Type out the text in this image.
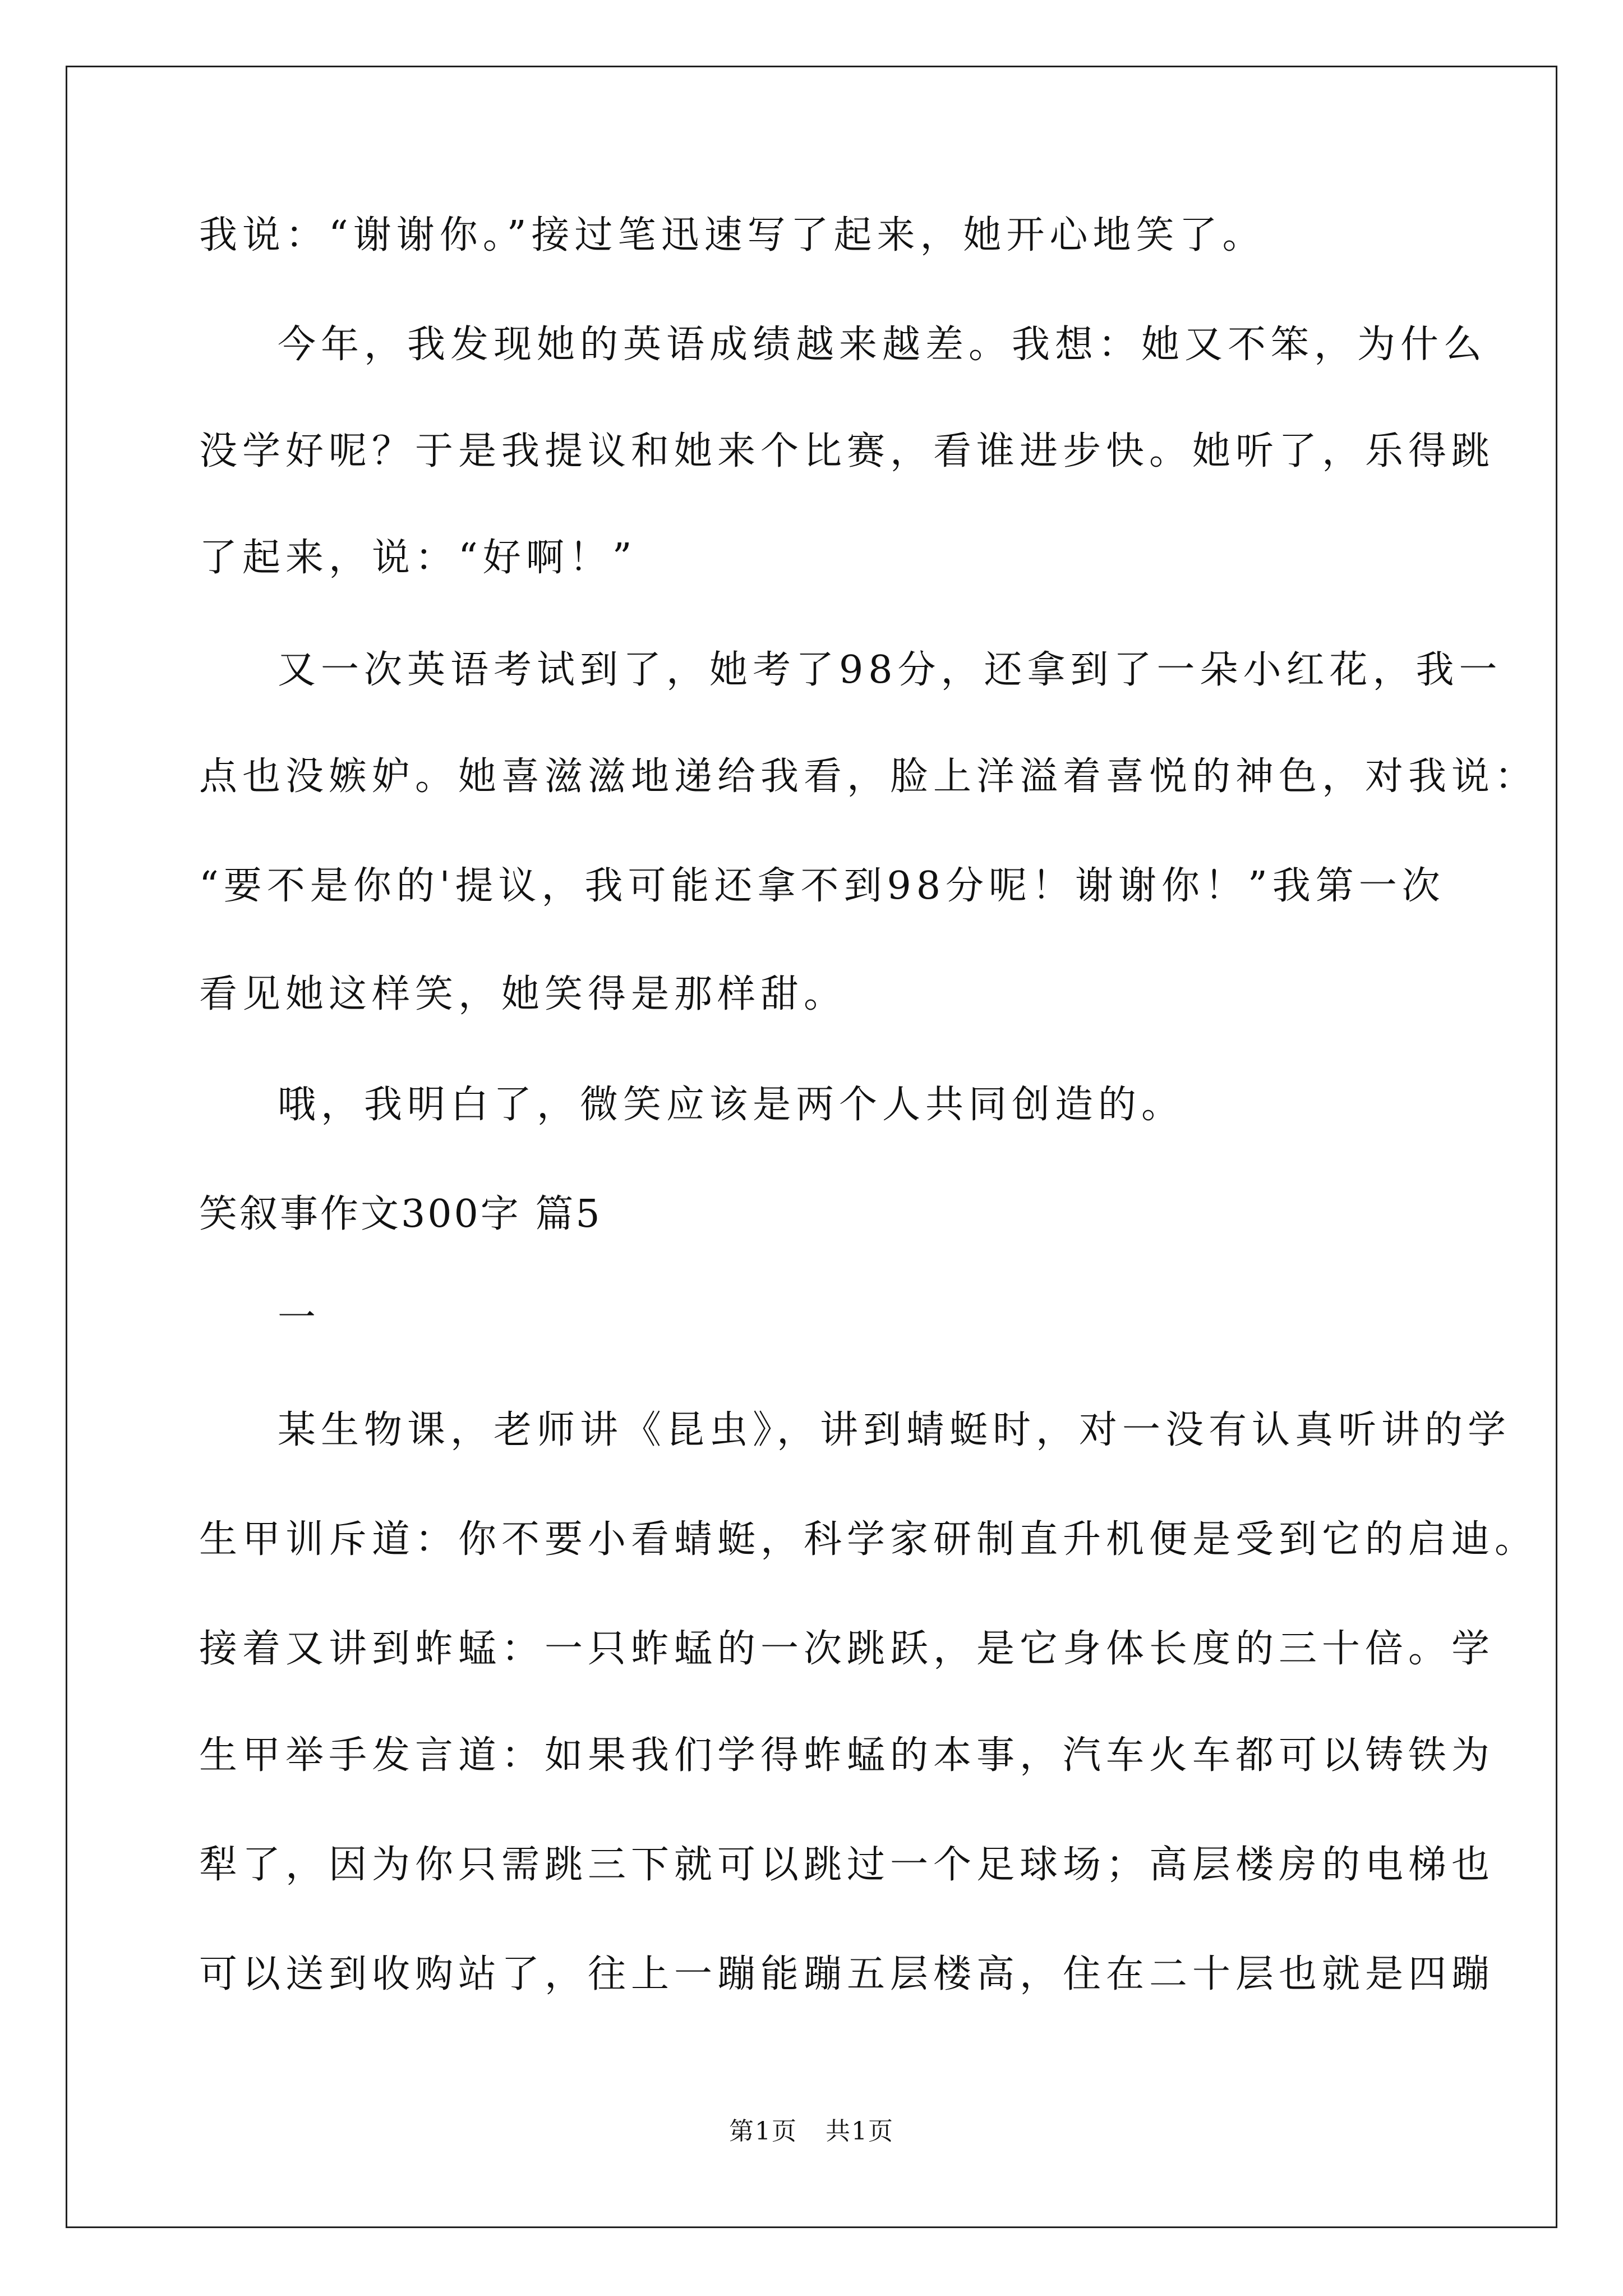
我说：“谢谢你。”接过笔迅速写了起来，她开心地笑了。
今年，我发现她的英语成绩越来越差。我想：她又不笨，为什么
没学好呢？于是我提议和她来个比赛，看谁进步快。她听了，乐得跳
了起来，说：“好啊！”
又一次英语考试到了，她考了98分，还拿到了一朵小红花，我一
点也没嫉妒。她喜滋滋地递给我看，脸上洋溢着喜悦的神色，对我说：
“要不是你的'提议，我可能还拿不到98分呢！谢谢你！”我第一次
看见她这样笑，她笑得是那样甜。
哦，我明白了，微笑应该是两个人共同创造的。
笑叙事作文300字 篇5
一
某生物课，老师讲《昆虫》，讲到蜻蜓时，对一没有认真听讲的学
生甲训斥道：你不要小看蜻蜓，科学家研制直升机便是受到它的启迪。
接着又讲到蚱蜢：一只蚱蜢的一次跳跃，是它身体长度的三十倍。学
生甲举手发言道：如果我们学得蚱蜢的本事，汽车火车都可以铸铁为
犁了，因为你只需跳三下就可以跳过一个足球场；高层楼房的电梯也
可以送到收购站了，往上一蹦能蹦五层楼高，住在二十层也就是四蹦
第1页 共1页
